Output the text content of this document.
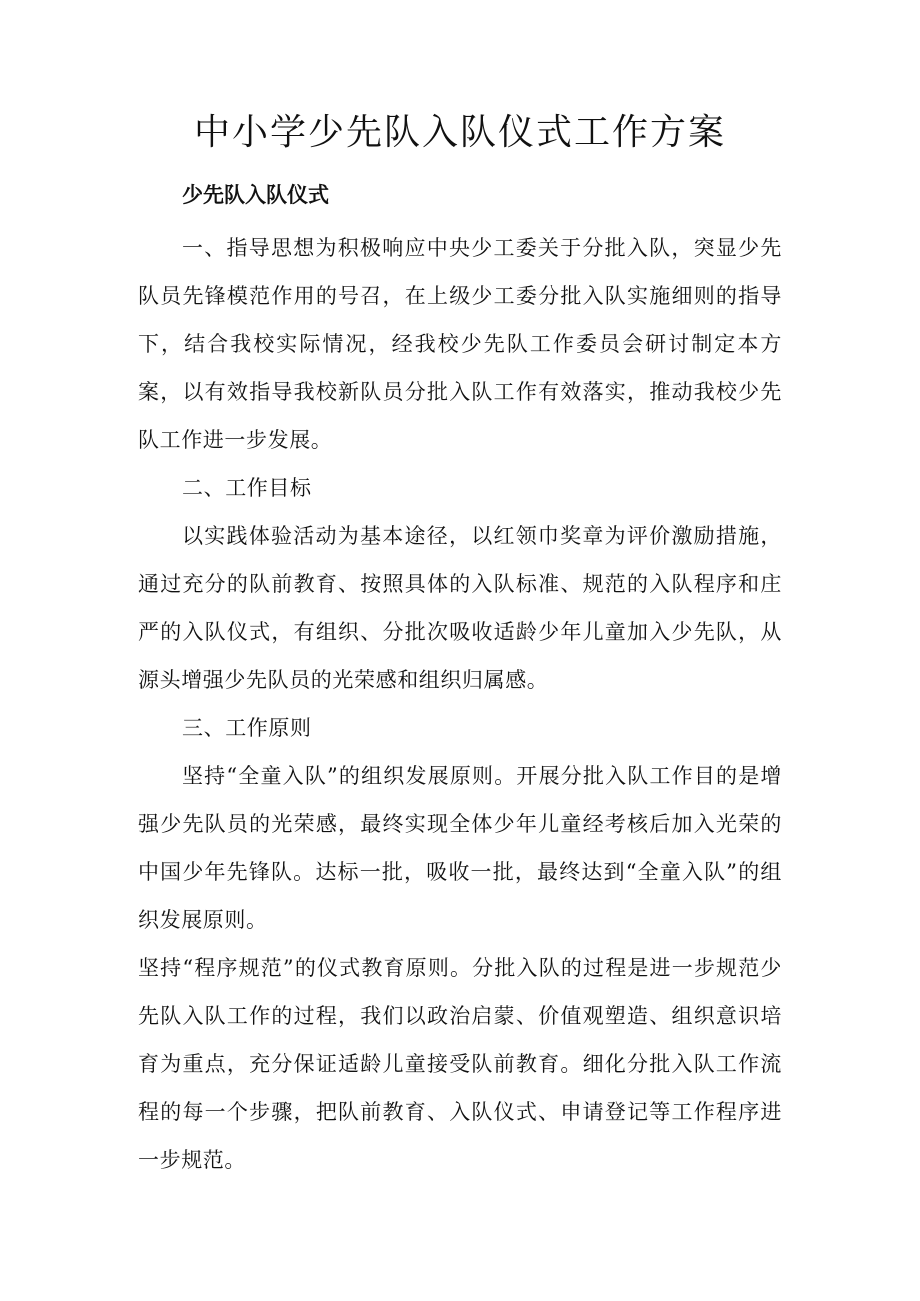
中小学少先队入队仪式工作方案
少先队入队仪式

一、指导思想为积极响应中央少工委关于分批入队，突显少先队员先锋模范作用的号召，在上级少工委分批入队实施细则的指导下，结合我校实际情况，经我校少先队工作委员会研讨制定本方案，以有效指导我校新队员分批入队工作有效落实，推动我校少先队工作进一步发展。

二、工作目标

以实践体验活动为基本途径，以红领巾奖章为评价激励措施，通过充分的队前教育、按照具体的入队标准、规范的入队程序和庄严的入队仪式，有组织、分批次吸收适龄少年儿童加入少先队，从源头增强少先队员的光荣感和组织归属感。

三、工作原则

坚持“全童入队”的组织发展原则。开展分批入队工作目的是增强少先队员的光荣感，最终实现全体少年儿童经考核后加入光荣的中国少年先锋队。达标一批，吸收一批，最终达到“全童入队”的组织发展原则。

坚持“程序规范”的仪式教育原则。分批入队的过程是进一步规范少先队入队工作的过程，我们以政治启蒙、价值观塑造、组织意识培育为重点，充分保证适龄儿童接受队前教育。细化分批入队工作流程的每一个步骤，把队前教育、入队仪式、申请登记等工作程序进一步规范。
